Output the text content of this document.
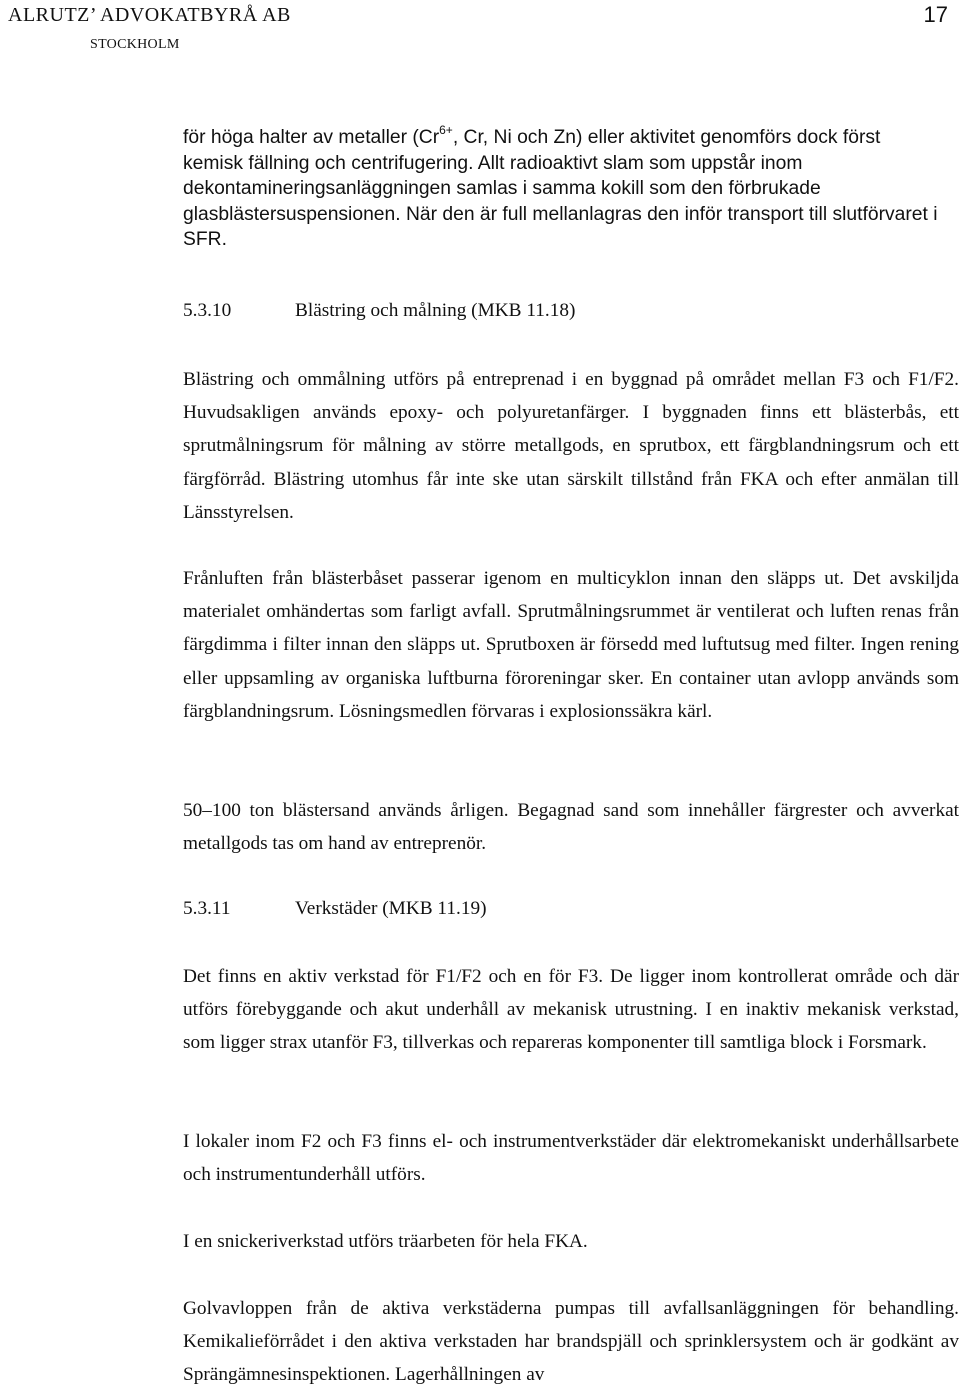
ALRUTZ’ ADVOKATBYRÅ AB
STOCKHOLM
17

för höga halter av metaller ($Cr^{6+}$, Cr, Ni och Zn) eller aktivitet genomförs dock först kemisk fällning och centrifugering. Allt radioaktivt slam som uppstår inom dekontamineringsanläggningen samlas i samma kokill som den förbrukade glasblästersuspensionen. När den är full mellanlagras den inför transport till slutförvaret i SFR.

5.3.10	Blästring och målning (MKB 11.18)

Blästring och ommålning utförs på entreprenad i en byggnad på området mellan F3 och F1/F2. Huvudsakligen används epoxy- och polyuretanfärger. I byggnaden finns ett blästerbås, ett sprutmålningsrum för målning av större metallgods, en sprutbox, ett färgblandningsrum och ett färgförråd. Blästring utomhus får inte ske utan särskilt tillstånd från FKA och efter anmälan till Länsstyrelsen.

Frånluften från blästerbåset passerar igenom en multicyklon innan den släpps ut. Det avskiljda materialet omhändertas som farligt avfall. Sprutmålningsrummet är ventilerat och luften renas från färgdimma i filter innan den släpps ut. Sprutboxen är försedd med luftutsug med filter. Ingen rening eller uppsamling av organiska luftburna föroreningar sker. En container utan avlopp används som färgblandningsrum. Lösningsmedlen förvaras i explosionssäkra kärl.

50‒100 ton blästersand används årligen. Begagnad sand som innehåller färgrester och avverkat metallgods tas om hand av entreprenör.

5.3.11	Verkstäder (MKB 11.19)

Det finns en aktiv verkstad för F1/F2 och en för F3. De ligger inom kontrollerat område och där utförs förebyggande och akut underhåll av mekanisk utrustning. I en inaktiv mekanisk verkstad, som ligger strax utanför F3, tillverkas och repareras komponenter till samtliga block i Forsmark.

I lokaler inom F2 och F3 finns el- och instrumentverkstäder där elektromekaniskt underhållsarbete och instrumentunderhåll utförs.

I en snickeriverkstad utförs träarbeten för hela FKA.

Golvavloppen från de aktiva verkstäderna pumpas till avfallsanläggningen för behandling. Kemikalieförrådet i den aktiva verkstaden har brandspjäll och sprinklersystem och är godkänt av Sprängämnesinspektionen. Lagerhållningen av
